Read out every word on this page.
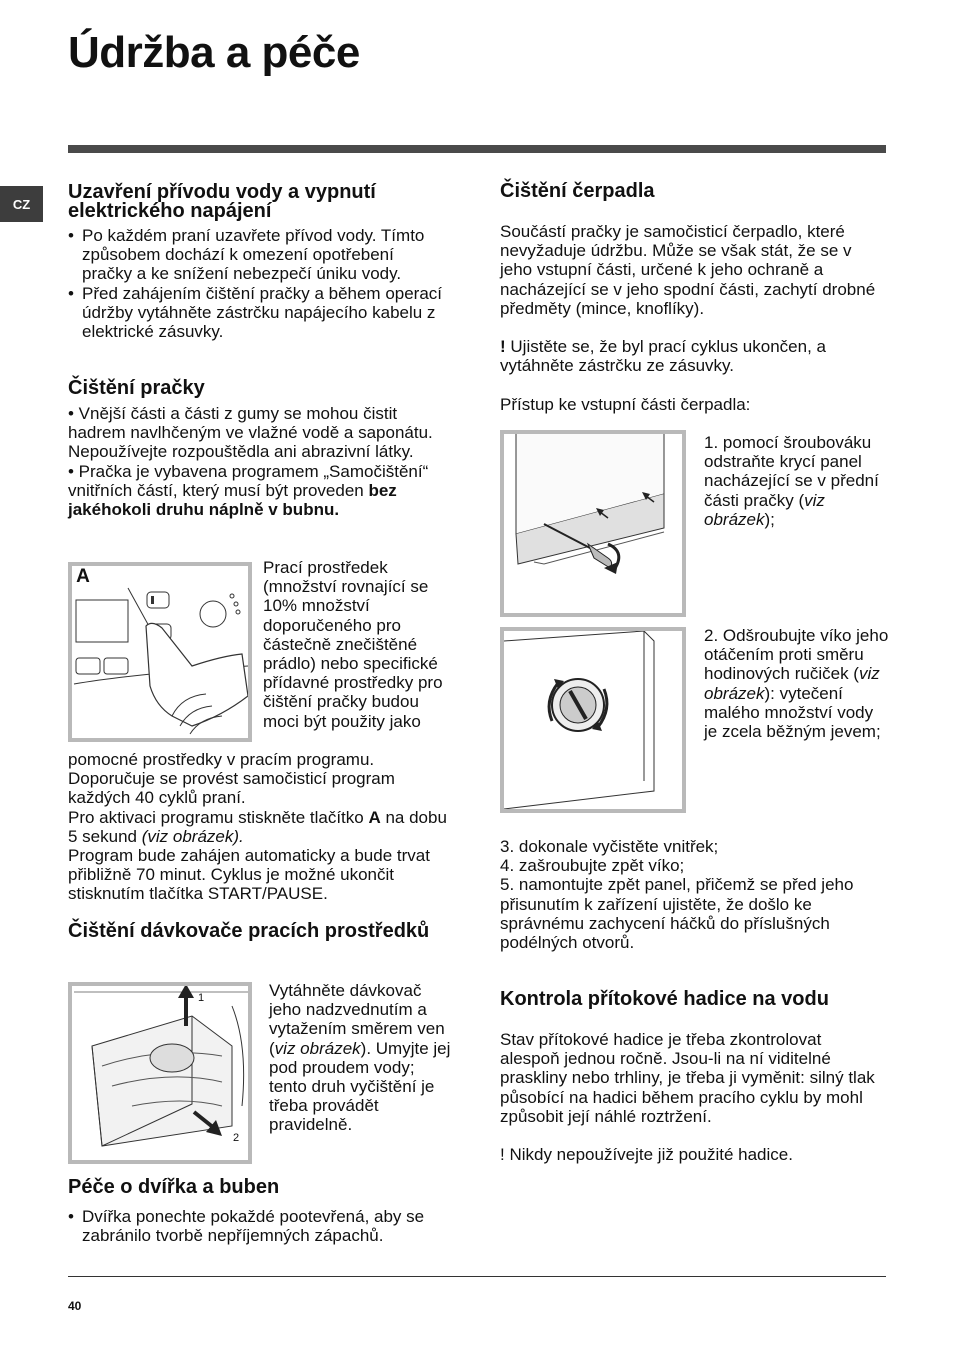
Údržba a péče
CZ
Uzavření přívodu vody a vypnutí elektrického napájení

• Po každém praní uzavřete přívod vody. Tímto způsobem dochází k omezení opotřebení pračky a ke snížení nebezpečí úniku vody.

• Před zahájením čištění pračky a během operací údržby vytáhněte zástrčku napájecího kabelu z elektrické zásuvky.

Čištění pračky

• Vnější části a části z gumy se mohou čistit hadrem navlhčeným ve vlažné vodě a saponátu. Nepoužívejte rozpouštědla ani abrazivní látky.

• Pračka je vybavena programem „Samočištění“ vnitřních částí, který musí být proveden bez jakéhokoli druhu náplně v bubnu.

A	Prací prostředek (množství rovnající se 10% množství doporučeného pro částečně znečištěné prádlo) nebo specifické přídavné prostředky pro čištění pračky budou moci být použity jako

pomocné prostředky v pracím programu. Doporučuje se provést samočisticí program každých 40 cyklů praní.

Pro aktivaci programu stiskněte tlačítko A na dobu 5 sekund (viz obrázek).

Program bude zahájen automaticky a bude trvat přibližně 70 minut. Cyklus je možné ukončit stisknutím tlačítka START/PAUSE.

Čištění dávkovače pracích prostředků
1
2

Vytáhněte dávkovač jeho nadzvednutím a vytažením směrem ven (viz obrázek). Umyjte jej pod proudem vody; tento druh vyčištění je třeba provádět pravidelně.

Péče o dvířka a buben

• Dvířka ponechte pokaždé pootevřená, aby se zabránilo tvorbě nepříjemných zápachů.

Čištění čerpadla

Součástí pračky je samočisticí čerpadlo, které nevyžaduje údržbu. Může se však stát, že se v jeho vstupní části, určené k jeho ochraně a nacházející se v jeho spodní části, zachytí drobné předměty (mince, knoflíky).

! Ujistěte se, že byl prací cyklus ukončen, a vytáhněte zástrčku ze zásuvky.

Přístup ke vstupní části čerpadla:

1. pomocí šroubováku odstraňte krycí panel nacházející se v přední části pračky (viz obrázek);

2. Odšroubujte víko jeho otáčením proti směru hodinových ručiček (viz obrázek): vytečení malého množství vody je zcela běžným jevem;

3. dokonale vyčistěte vnitřek;

4. zašroubujte zpět víko;

5. namontujte zpět panel, přičemž se před jeho přisunutím k zařízení ujistěte, že došlo ke správnému zachycení háčků do příslušných podélných otvorů.

Kontrola přítokové hadice na vodu

Stav přítokové hadice je třeba zkontrolovat alespoň jednou ročně. Jsou-li na ní viditelné praskliny nebo trhliny, je třeba ji vyměnit: silný tlak působící na hadici během pracího cyklu by mohl způsobit její náhlé roztržení.

! Nikdy nepoužívejte již použité hadice.

40
